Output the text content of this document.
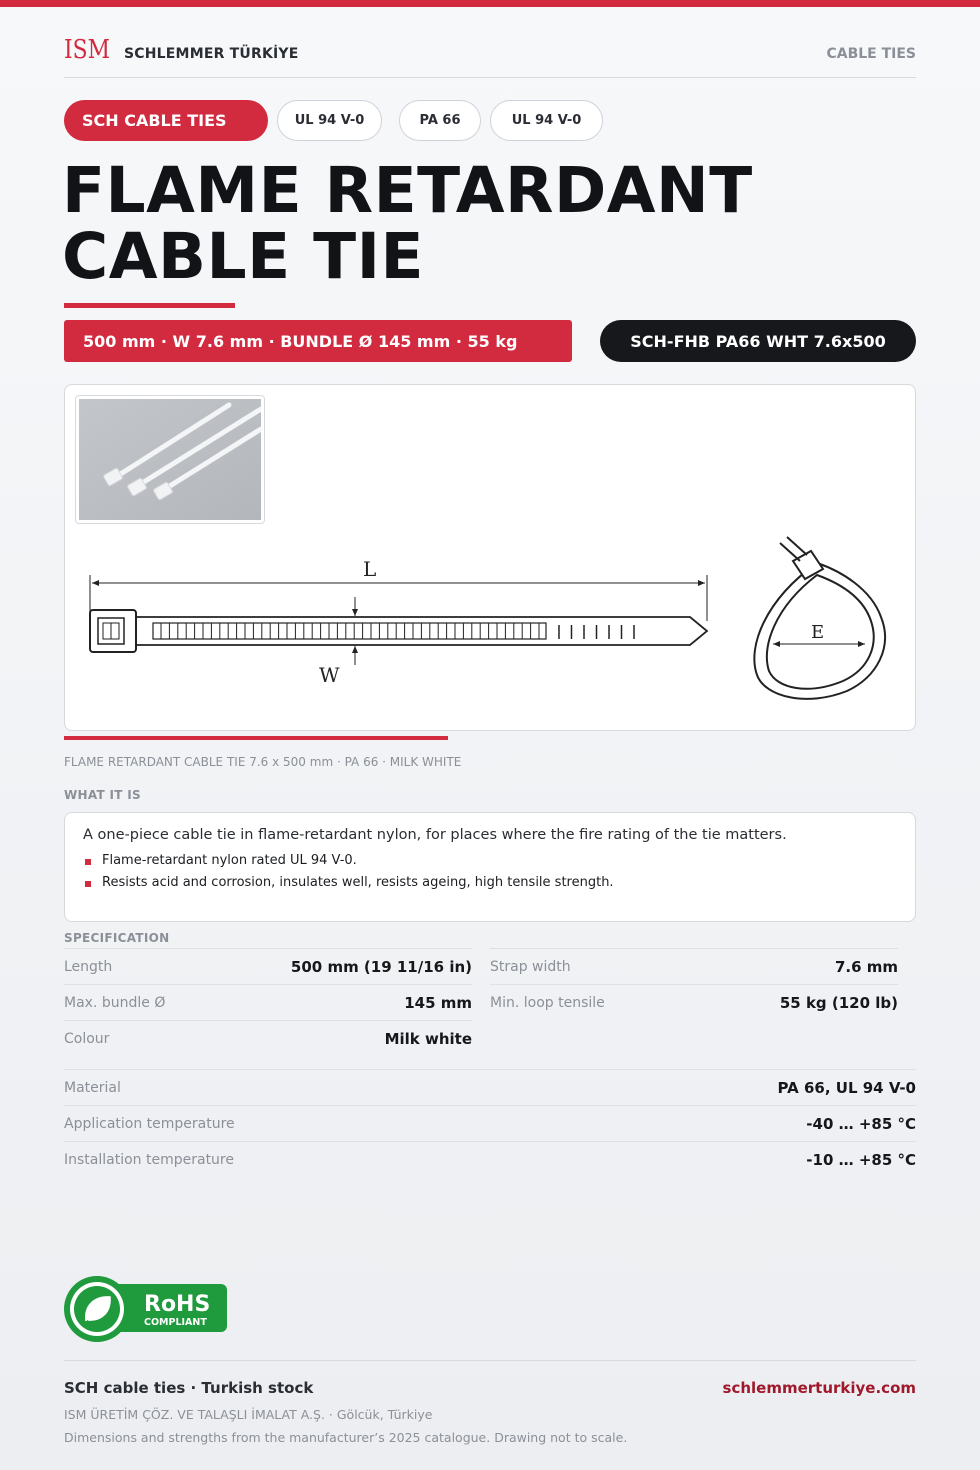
ISM SCHLEMMER TÜRKİYE	CABLE TIES
SCH CABLE TIES	UL 94 V-0	PA 66	UL 94 V-0
FLAME RETARDANT
CABLE TIE
500 mm · W 7.6 mm · BUNDLE Ø 145 mm · 55 kg	SCH-FHB PA66 WHT 7.6x500
L
W
E
FLAME RETARDANT CABLE TIE 7.6 x 500 mm · PA 66 · MILK WHITE
WHAT IT IS
A one-piece cable tie in flame-retardant nylon, for places where the fire rating of the tie matters.
Flame-retardant nylon rated UL 94 V-0.
Resists acid and corrosion, insulates well, resists ageing, high tensile strength.
SPECIFICATION
Length	500 mm (19 11/16 in) Strap width	7.6 mm
Max. bundle Ø	145 mm Min. loop tensile	55 kg (120 lb)
Colour	Milk white
Material	PA 66, UL 94 V-0
Application temperature	-40 … +85 °C
Installation temperature	-10 … +85 °C
RoHS
COMPLIANT
SCH cable ties · Turkish stock	schlemmerturkiye.com
ISM ÜRETİM ÇÖZ. VE TALAŞLI İMALAT A.Ş. · Gölcük, Türkiye
Dimensions and strengths from the manufacturer’s 2025 catalogue. Drawing not to scale.
